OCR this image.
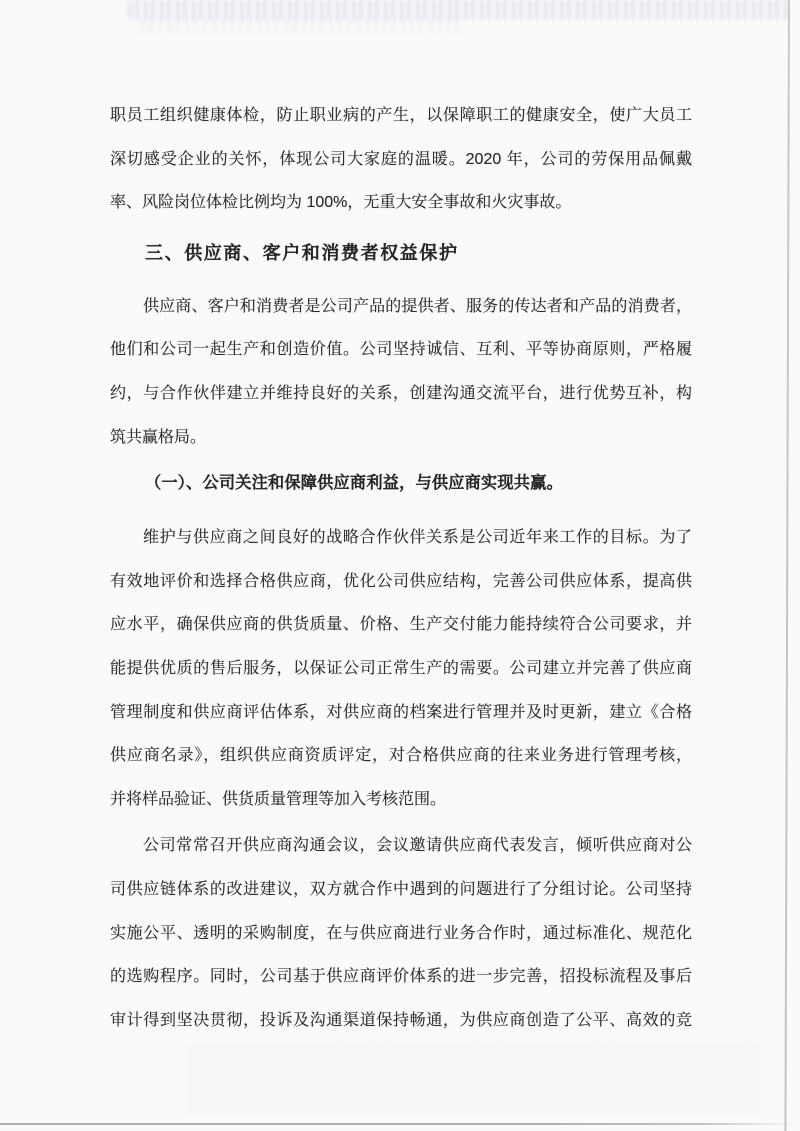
职员工组织健康体检，防止职业病的产生，以保障职工的健康安全，使广大员工
深切感受企业的关怀，体现公司大家庭的温暖。2020 年，公司的劳保用品佩戴
率、风险岗位体检比例均为 100%，无重大安全事故和火灾事故。
三、供应商、客户和消费者权益保护
供应商、客户和消费者是公司产品的提供者、服务的传达者和产品的消费者，
他们和公司一起生产和创造价值。公司坚持诚信、互利、平等协商原则，严格履
约，与合作伙伴建立并维持良好的关系，创建沟通交流平台，进行优势互补，构
筑共赢格局。
（一）、公司关注和保障供应商利益，与供应商实现共赢。
维护与供应商之间良好的战略合作伙伴关系是公司近年来工作的目标。为了
有效地评价和选择合格供应商，优化公司供应结构，完善公司供应体系，提高供
应水平，确保供应商的供货质量、价格、生产交付能力能持续符合公司要求，并
能提供优质的售后服务，以保证公司正常生产的需要。公司建立并完善了供应商
管理制度和供应商评估体系，对供应商的档案进行管理并及时更新，建立《合格
供应商名录》，组织供应商资质评定，对合格供应商的往来业务进行管理考核，
并将样品验证、供货质量管理等加入考核范围。
公司常常召开供应商沟通会议，会议邀请供应商代表发言，倾听供应商对公
司供应链体系的改进建议，双方就合作中遇到的问题进行了分组讨论。公司坚持
实施公平、透明的采购制度，在与供应商进行业务合作时，通过标准化、规范化
的选购程序。同时，公司基于供应商评价体系的进一步完善，招投标流程及事后
审计得到坚决贯彻，投诉及沟通渠道保持畅通，为供应商创造了公平、高效的竞
